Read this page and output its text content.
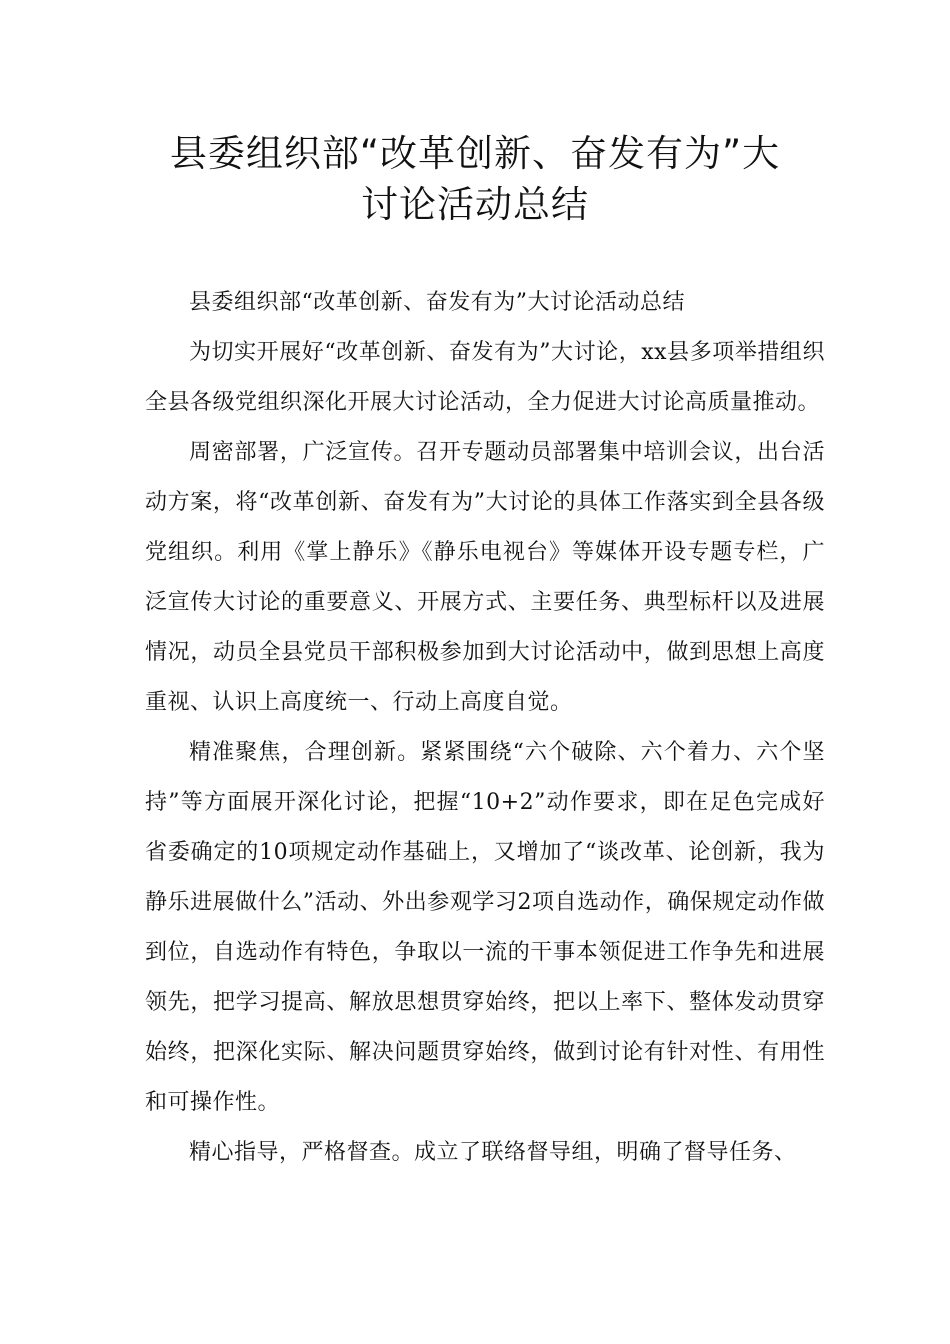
县委组织部“改革创新、奋发有为”大
讨论活动总结

县委组织部“改革创新、奋发有为”大讨论活动总结

为切实开展好“改革创新、奋发有为”大讨论，xx县多项举措组织全县各级党组织深化开展大讨论活动，全力促进大讨论高质量推动。

周密部署，广泛宣传。召开专题动员部署集中培训会议，出台活动方案，将“改革创新、奋发有为”大讨论的具体工作落实到全县各级党组织。利用《掌上静乐》《静乐电视台》等媒体开设专题专栏，广泛宣传大讨论的重要意义、开展方式、主要任务、典型标杆以及进展情况，动员全县党员干部积极参加到大讨论活动中，做到思想上高度重视、认识上高度统一、行动上高度自觉。

精准聚焦，合理创新。紧紧围绕“六个破除、六个着力、六个坚持”等方面展开深化讨论，把握“10+2”动作要求，即在足色完成好省委确定的10项规定动作基础上，又增加了“谈改革、论创新，我为静乐进展做什么”活动、外出参观学习2项自选动作，确保规定动作做到位，自选动作有特色，争取以一流的干事本领促进工作争先和进展领先，把学习提高、解放思想贯穿始终，把以上率下、整体发动贯穿始终，把深化实际、解决问题贯穿始终，做到讨论有针对性、有用性和可操作性。

精心指导，严格督查。成立了联络督导组，明确了督导任务、
